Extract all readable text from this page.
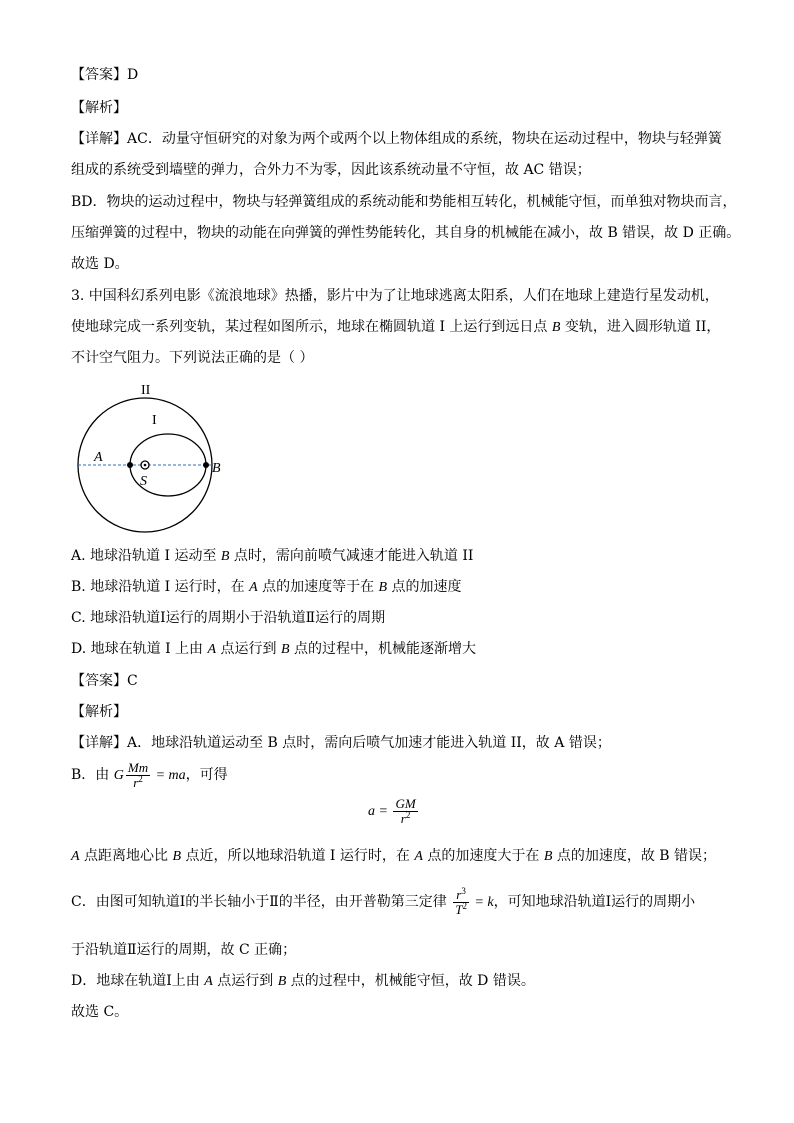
【答案】D
【解析】
【详解】AC．动量守恒研究的对象为两个或两个以上物体组成的系统，物块在运动过程中，物块与轻弹簧
组成的系统受到墙壁的弹力，合外力不为零，因此该系统动量不守恒，故 AC 错误；
BD．物块的运动过程中，物块与轻弹簧组成的系统动能和势能相互转化，机械能守恒，而单独对物块而言，
压缩弹簧的过程中，物块的动能在向弹簧的弹性势能转化，其自身的机械能在减小，故 B 错误，故 D 正确。
故选 D。
3. 中国科幻系列电影《流浪地球》热播，影片中为了让地球逃离太阳系，人们在地球上建造行星发动机，
使地球完成一系列变轨，某过程如图所示，地球在椭圆轨道 I 上运行到远日点 B 变轨，进入圆形轨道 II，
不计空气阻力。下列说法正确的是（ ）
II
I
A
B
S
A. 地球沿轨道 I 运动至 B 点时，需向前喷气减速才能进入轨道 II
B. 地球沿轨道 I 运行时，在 A 点的加速度等于在 B 点的加速度
C. 地球沿轨道Ⅰ运行的周期小于沿轨道Ⅱ运行的周期
D. 地球在轨道 I 上由 A 点运行到 B 点的过程中，机械能逐渐增大
【答案】C
【解析】
【详解】A．地球沿轨道运动至 B 点时，需向后喷气加速才能进入轨道 II，故 A 错误；
B．由 G $\frac{Mm}{r^2}$ = ma，可得
$a = \frac{GM}{r^2}$
A 点距离地心比 B 点近，所以地球沿轨道 I 运行时，在 A 点的加速度大于在 B 点的加速度，故 B 错误；
C．由图可知轨道Ⅰ的半长轴小于Ⅱ的半径，由开普勒第三定律 $\frac{r^3}{T^2} = k$，可知地球沿轨道Ⅰ运行的周期小
于沿轨道Ⅱ运行的周期，故 C 正确；
D．地球在轨道Ⅰ上由 A 点运行到 B 点的过程中，机械能守恒，故 D 错误。
故选 C。
